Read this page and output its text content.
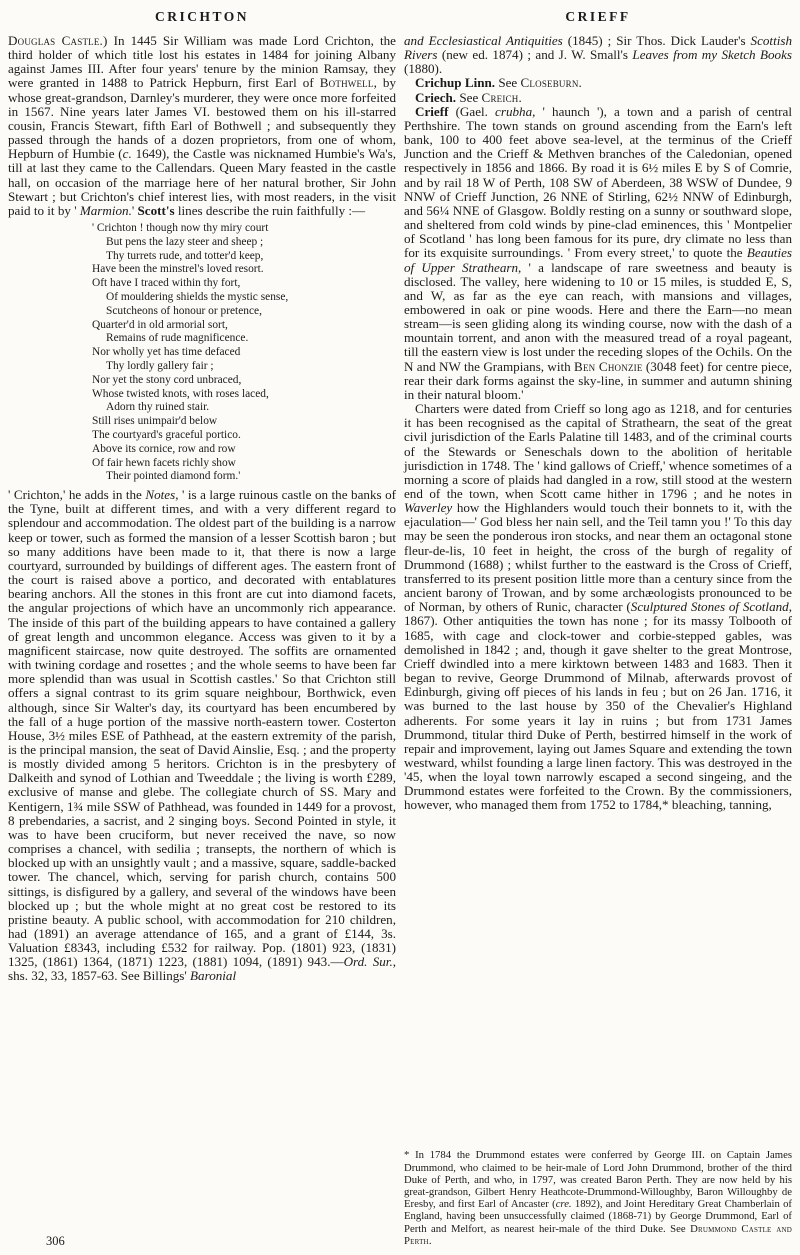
CRICHTON	CRIEFF

Douglas Castle.) In 1445 Sir William was made Lord Crichton, the third holder of which title lost his estates in 1484 for joining Albany against James III. After four years' tenure by the minion Ramsay, they were granted in 1488 to Patrick Hepburn, first Earl of Bothwell, by whose great-grandson, Darnley's murderer, they were once more forfeited in 1567. Nine years later James VI. bestowed them on his ill-starred cousin, Francis Stewart, fifth Earl of Bothwell ; and subsequently they passed through the hands of a dozen proprietors, from one of whom, Hepburn of Humbie (c. 1649), the Castle was nicknamed Humbie's Wa's, till at last they came to the Callendars. Queen Mary feasted in the castle hall, on occasion of the marriage here of her natural brother, Sir John Stewart ; but Crichton's chief interest lies, with most readers, in the visit paid to it by ' Marmion.' Scott's lines describe the ruin faithfully :—

' Crichton ! though now thy miry court
But pens the lazy steer and sheep ;
Thy turrets rude, and totter'd keep,
Have been the minstrel's loved resort.
Oft have I traced within thy fort,
Of mouldering shields the mystic sense,
Scutcheons of honour or pretence,
Quarter'd in old armorial sort,
Remains of rude magnificence.
Nor wholly yet has time defaced
Thy lordly gallery fair ;
Nor yet the stony cord unbraced,
Whose twisted knots, with roses laced,
Adorn thy ruined stair.
Still rises unimpair'd below
The courtyard's graceful portico.
Above its cornice, row and row
Of fair hewn facets richly show
Their pointed diamond form.'

' Crichton,' he adds in the Notes, ' is a large ruinous castle on the banks of the Tyne, built at different times, and with a very different regard to splendour and accommodation. The oldest part of the building is a narrow keep or tower, such as formed the mansion of a lesser Scottish baron ; but so many additions have been made to it, that there is now a large courtyard, surrounded by buildings of different ages. The eastern front of the court is raised above a portico, and decorated with entablatures bearing anchors. All the stones in this front are cut into diamond facets, the angular projections of which have an uncommonly rich appearance. The inside of this part of the building appears to have contained a gallery of great length and uncommon elegance. Access was given to it by a magnificent staircase, now quite destroyed. The soffits are ornamented with twining cordage and rosettes ; and the whole seems to have been far more splendid than was usual in Scottish castles.' So that Crichton still offers a signal contrast to its grim square neighbour, Borthwick, even although, since Sir Walter's day, its courtyard has been encumbered by the fall of a huge portion of the massive north-eastern tower. Costerton House, 3½ miles ESE of Pathhead, at the eastern extremity of the parish, is the principal mansion, the seat of David Ainslie, Esq. ; and the property is mostly divided among 5 heritors. Crichton is in the presbytery of Dalkeith and synod of Lothian and Tweeddale ; the living is worth £289, exclusive of manse and glebe. The collegiate church of SS. Mary and Kentigern, 1¾ mile SSW of Pathhead, was founded in 1449 for a provost, 8 prebendaries, a sacrist, and 2 singing boys. Second Pointed in style, it was to have been cruciform, but never received the nave, so now comprises a chancel, with sedilia ; transepts, the northern of which is blocked up with an unsightly vault ; and a massive, square, saddle-backed tower. The chancel, which, serving for parish church, contains 500 sittings, is disfigured by a gallery, and several of the windows have been blocked up ; but the whole might at no great cost be restored to its pristine beauty. A public school, with accommodation for 210 children, had (1891) an average attendance of 165, and a grant of £144, 3s. Valuation £8343, including £532 for railway. Pop. (1801) 923, (1831) 1325, (1861) 1364, (1871) 1223, (1881) 1094, (1891) 943.—Ord. Sur., shs. 32, 33, 1857-63. See Billings' Baronial

and Ecclesiastical Antiquities (1845) ; Sir Thos. Dick Lauder's Scottish Rivers (new ed. 1874) ; and J. W. Small's Leaves from my Sketch Books (1880).

Crichup Linn. See Closeburn.

Criech. See Creich.

Crieff (Gael. crubha, ' haunch '), a town and a parish of central Perthshire. The town stands on ground ascending from the Earn's left bank, 100 to 400 feet above sea-level, at the terminus of the Crieff Junction and the Crieff & Methven branches of the Caledonian, opened respectively in 1856 and 1866. By road it is 6½ miles E by S of Comrie, and by rail 18 W of Perth, 108 SW of Aberdeen, 38 WSW of Dundee, 9 NNW of Crieff Junction, 26 NNE of Stirling, 62½ NNW of Edinburgh, and 56¼ NNE of Glasgow. Boldly resting on a sunny or southward slope, and sheltered from cold winds by pine-clad eminences, this ' Montpelier of Scotland ' has long been famous for its pure, dry climate no less than for its exquisite surroundings. ' From every street,' to quote the Beauties of Upper Strathearn, ' a landscape of rare sweetness and beauty is disclosed. The valley, here widening to 10 or 15 miles, is studded E, S, and W, as far as the eye can reach, with mansions and villages, embowered in oak or pine woods. Here and there the Earn—no mean stream—is seen gliding along its winding course, now with the dash of a mountain torrent, and anon with the measured tread of a royal pageant, till the eastern view is lost under the receding slopes of the Ochils. On the N and NW the Grampians, with Ben Chonzie (3048 feet) for centre piece, rear their dark forms against the sky-line, in summer and autumn shining in their natural bloom.'

Charters were dated from Crieff so long ago as 1218, and for centuries it has been recognised as the capital of Strathearn, the seat of the great civil jurisdiction of the Earls Palatine till 1483, and of the criminal courts of the Stewards or Seneschals down to the abolition of heritable jurisdiction in 1748. The ' kind gallows of Crieff,' whence sometimes of a morning a score of plaids had dangled in a row, still stood at the western end of the town, when Scott came hither in 1796 ; and he notes in Waverley how the Highlanders would touch their bonnets to it, with the ejaculation—' God bless her nain sell, and the Teil tamn you !' To this day may be seen the ponderous iron stocks, and near them an octagonal stone fleur-de-lis, 10 feet in height, the cross of the burgh of regality of Drummond (1688) ; whilst further to the eastward is the Cross of Crieff, transferred to its present position little more than a century since from the ancient barony of Trowan, and by some archæologists pronounced to be of Norman, by others of Runic, character (Sculptured Stones of Scotland, 1867). Other antiquities the town has none ; for its massy Tolbooth of 1685, with cage and clock-tower and corbie-stepped gables, was demolished in 1842 ; and, though it gave shelter to the great Montrose, Crieff dwindled into a mere kirktown between 1483 and 1683. Then it began to revive, George Drummond of Milnab, afterwards provost of Edinburgh, giving off pieces of his lands in feu ; but on 26 Jan. 1716, it was burned to the last house by 350 of the Chevalier's Highland adherents. For some years it lay in ruins ; but from 1731 James Drummond, titular third Duke of Perth, bestirred himself in the work of repair and improvement, laying out James Square and extending the town westward, whilst founding a large linen factory. This was destroyed in the '45, when the loyal town narrowly escaped a second singeing, and the Drummond estates were forfeited to the Crown. By the commissioners, however, who managed them from 1752 to 1784,* bleaching, tanning,

* In 1784 the Drummond estates were conferred by George III. on Captain James Drummond, who claimed to be heir-male of Lord John Drummond, brother of the third Duke of Perth, and who, in 1797, was created Baron Perth. They are now held by his great-grandson, Gilbert Henry Heathcote-Drummond-Willoughby, Baron Willoughby de Eresby, and first Earl of Ancaster (cre. 1892), and Joint Hereditary Great Chamberlain of England, having been unsuccessfully claimed (1868-71) by George Drummond, Earl of Perth and Melfort, as nearest heir-male of the third Duke. See Drummond Castle and Perth.

306
